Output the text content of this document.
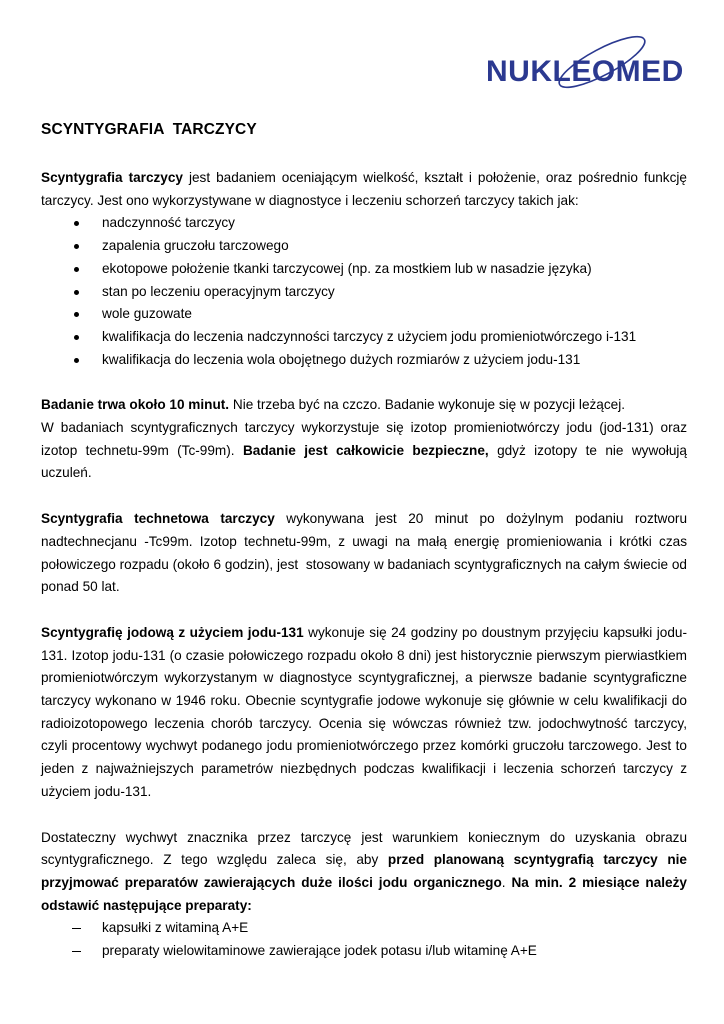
NUKLEOMED
SCYNTYGRAFIA  TARCZYCY

Scyntygrafia tarczycy jest badaniem oceniającym wielkość, kształt i położenie, oraz pośrednio funkcję tarczycy. Jest ono wykorzystywane w diagnostyce i leczeniu schorzeń tarczycy takich jak:

nadczynność tarczycy
zapalenia gruczołu tarczowego
ekotopowe położenie tkanki tarczycowej (np. za mostkiem lub w nasadzie języka)
stan po leczeniu operacyjnym tarczycy
wole guzowate
kwalifikacja do leczenia nadczynności tarczycy z użyciem jodu promieniotwórczego i-131
kwalifikacja do leczenia wola obojętnego dużych rozmiarów z użyciem jodu-131

Badanie trwa około 10 minut. Nie trzeba być na czczo. Badanie wykonuje się w pozycji leżącej.

W badaniach scyntygraficznych tarczycy wykorzystuje się izotop promieniotwórczy jodu (jod-131) oraz izotop technetu-99m (Tc-99m). Badanie jest całkowicie bezpieczne, gdyż izotopy te nie wywołują uczuleń.

Scyntygrafia technetowa tarczycy wykonywana jest 20 minut po dożylnym podaniu roztworu nadtechnecjanu -Tc99m. Izotop technetu-99m, z uwagi na małą energię promieniowania i krótki czas połowiczego rozpadu (około 6 godzin), jest  stosowany w badaniach scyntygraficznych na całym świecie od ponad 50 lat.

Scyntygrafię jodową z użyciem jodu-131 wykonuje się 24 godziny po doustnym przyjęciu kapsułki jodu-131. Izotop jodu-131 (o czasie połowiczego rozpadu około 8 dni) jest historycznie pierwszym pierwiastkiem promieniotwórczym wykorzystanym w diagnostyce scyntygraficznej, a pierwsze badanie scyntygraficzne tarczycy wykonano w 1946 roku. Obecnie scyntygrafie jodowe wykonuje się głównie w celu kwalifikacji do radioizotopowego leczenia chorób tarczycy. Ocenia się wówczas również tzw. jodochwytność tarczycy, czyli procentowy wychwyt podanego jodu promieniotwórczego przez komórki gruczołu tarczowego. Jest to jeden z najważniejszych parametrów niezbędnych podczas kwalifikacji i leczenia schorzeń tarczycy z użyciem jodu-131.

Dostateczny wychwyt znacznika przez tarczycę jest warunkiem koniecznym do uzyskania obrazu scyntygraficznego. Z tego względu zaleca się, aby przed planowaną scyntygrafią tarczycy nie przyjmować preparatów zawierających duże ilości jodu organicznego. Na min. 2 miesiące należy odstawić następujące preparaty:

kapsułki z witaminą A+E
preparaty wielowitaminowe zawierające jodek potasu i/lub witaminę A+E
